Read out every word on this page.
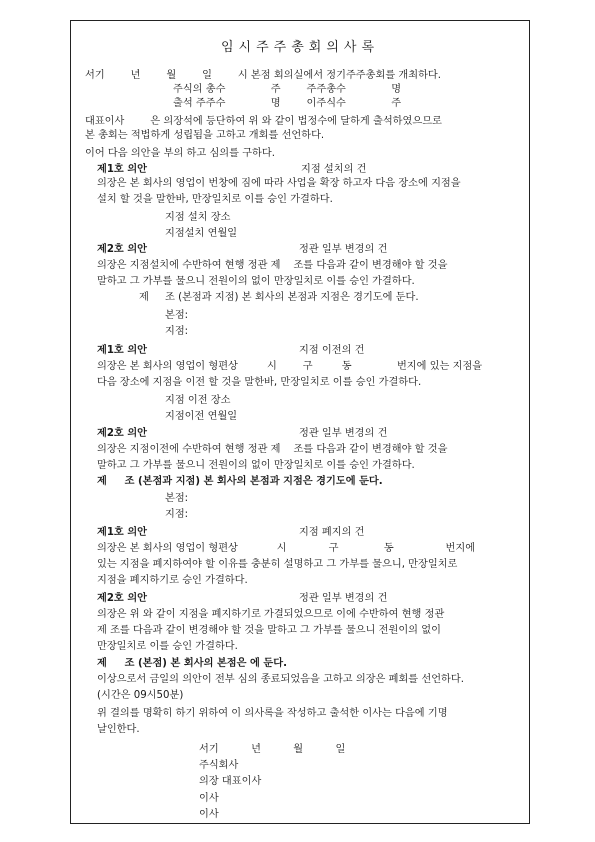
임시주주총회의사록
서기        년        월        일        시 본점 회의실에서 정기주주총회를 개최하다.
주식의 총수              주        주주총수              명
출석 주주수              명        이주식수              주
대표이사        은 의장석에 등단하여 위 와 같이 법정수에 달하게 출석하였으므로
본 총회는 적법하게 성립됨을 고하고 개회를 선언하다.
이어 다음 의안을 부의 하고 심의를 구하다.
제1호 의안	지점 설치의 건
의장은 본 회사의 영업이 번창에 짐에 따라 사업을 확장 하고자 다음 장소에 지점을
설치 할 것을 말한바, 만장일치로 이를 승인 가결하다.
지점 설치 장소
지점설치 연월일
제2호 의안	정관 일부 변경의 건
의장은 지점설치에 수반하여 현행 정관 제    조를 다음과 같이 변경해야 할 것을
말하고 그 가부를 물으니 전원이의 없이 만장일치로 이를 승인 가결하다.
제     조 (본점과 지점) 본 회사의 본점과 지점은 경기도에 둔다.
본점:
지점:
제1호 의안	지점 이전의 건
의장은 본 회사의 영업이 형편상         시        구         동              번지에 있는 지점을
다음 장소에 지점을 이전 할 것을 말한바, 만장일치로 이를 승인 가결하다.
지점 이전 장소
지점이전 연월일
제2호 의안	정관 일부 변경의 건
의장은 지점이전에 수반하여 현행 정관 제    조를 다음과 같이 변경해야 할 것을
말하고 그 가부를 물으니 전원이의 없이 만장일치로 이를 승인 가결하다.
제     조 (본점과 지점) 본 회사의 본점과 지점은 경기도에 둔다.
본점:
지점:
제1호 의안	지점 폐지의 건
의장은 본 회사의 영업이 형편상            시             구              동                번지에
있는 지점을 폐지하여야 할 이유를 충분히 설명하고 그 가부를 물으니, 만장일치로
지점을 폐지하기로 승인 가결하다.
제2호 의안	정관 일부 변경의 건
의장은 위 와 같이 지점을 폐지하기로 가결되었으므로 이에 수반하여 현행 정관
제 조를 다음과 같이 변경해야 할 것을 말하고 그 가부를 물으니 전원이의 없이
만장일치로 이를 승인 가결하다.
제     조 (본점) 본 회사의 본점은 에 둔다.
이상으로서 금일의 의안이 전부 심의 종료되었음을 고하고 의장은 폐회를 선언하다.
(시간은 09시50분)
위 결의를 명확히 하기 위하여 이 의사록을 작성하고 출석한 이사는 다음에 기명
날인한다.
서기          년          월          일
주식회사
의장 대표이사
이사
이사
